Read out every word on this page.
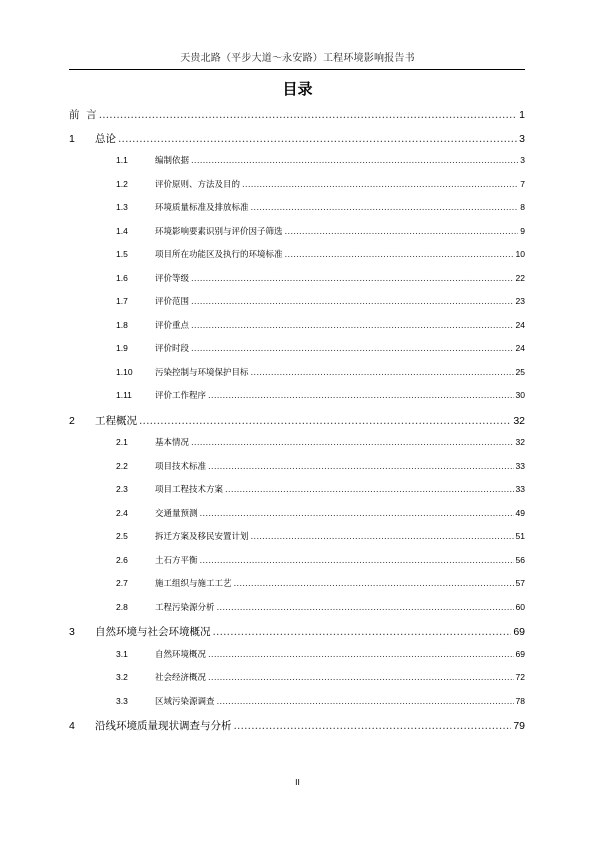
天贵北路（平步大道～永安路）工程环境影响报告书
目录
前  言 .....	1
1	总论 .....	3
1.1	编制依据 .....	3
1.2	评价原则、方法及目的 .....	7
1.3	环境质量标准及排放标准 .....	8
1.4	环境影响要素识别与评价因子筛选 .....	9
1.5	项目所在功能区及执行的环境标准 .....	10
1.6	评价等级 .....	22
1.7	评价范围 .....	23
1.8	评价重点 .....	24
1.9	评价时段 .....	24
1.10	污染控制与环境保护目标 .....	25
1.11	评价工作程序 .....	30
2	工程概况 .....	32
2.1	基本情况 .....	32
2.2	项目技术标准 .....	33
2.3	项目工程技术方案 .....	33
2.4	交通量预测 .....	49
2.5	拆迁方案及移民安置计划 .....	51
2.6	土石方平衡 .....	56
2.7	施工组织与施工工艺 .....	57
2.8	工程污染源分析 .....	60
3	自然环境与社会环境概况 .....	69
3.1	自然环境概况 .....	69
3.2	社会经济概况 .....	72
3.3	区域污染源调查 .....	78
4	沿线环境质量现状调查与分析 .....	79
II
